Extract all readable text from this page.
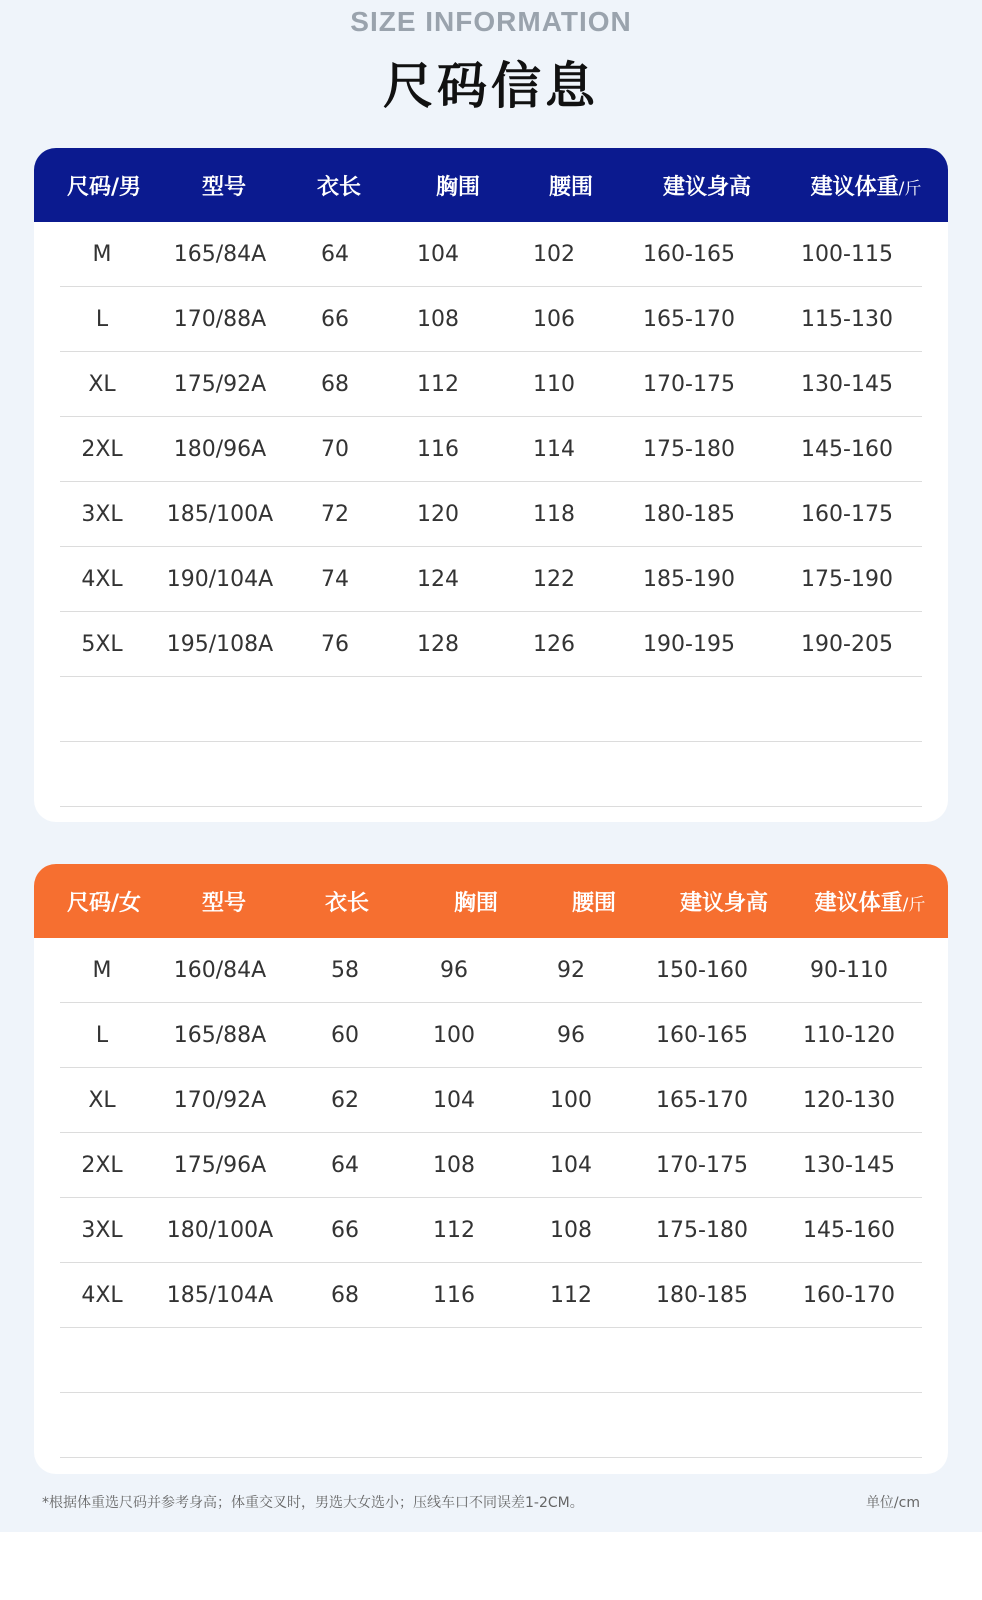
SIZE INFORMATION
尺码信息
尺码/男	型号	衣长	胸围	腰围	建议身高	建议体重/斤
M	165/84A	64	104	102	160-165	100-115
L	170/88A	66	108	106	165-170	115-130
XL	175/92A	68	112	110	170-175	130-145
2XL	180/96A	70	116	114	175-180	145-160
3XL	185/100A	72	120	118	180-185	160-175
4XL	190/104A	74	124	122	185-190	175-190
5XL	195/108A	76	128	126	190-195	190-205
尺码/女	型号	衣长	胸围	腰围	建议身高	建议体重/斤
M	160/84A	58	96	92	150-160	90-110
L	165/88A	60	100	96	160-165	110-120
XL	170/92A	62	104	100	165-170	120-130
2XL	175/96A	64	108	104	170-175	130-145
3XL	180/100A	66	112	108	175-180	145-160
4XL	185/104A	68	116	112	180-185	160-170
*根据体重选尺码并参考身高；体重交叉时，男选大女选小；压线车口不同误差1-2CM。	单位/cm
